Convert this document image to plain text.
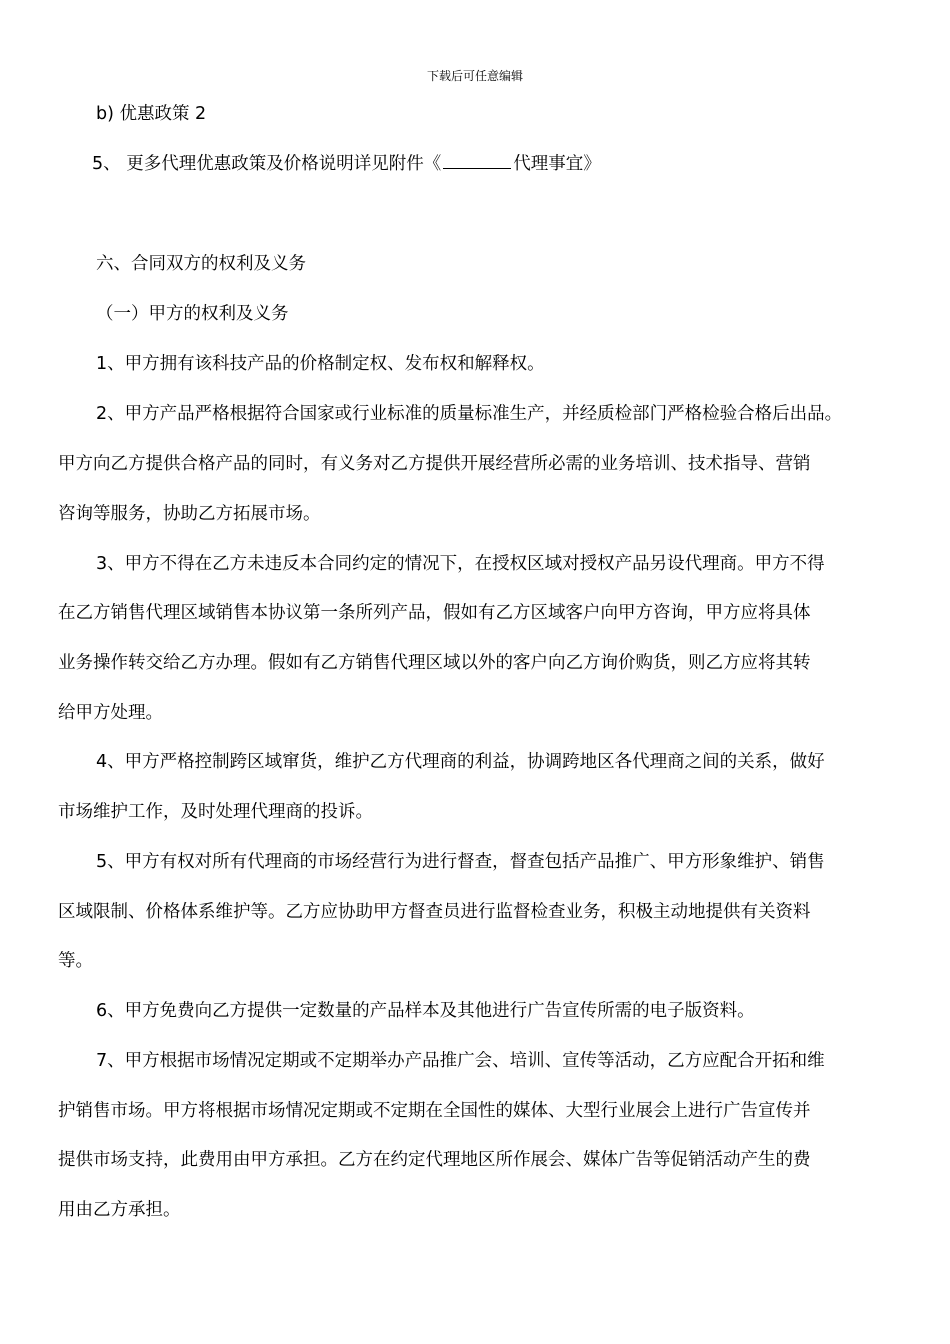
下载后可任意编辑
b) 优惠政策 2
5、 更多代理优惠政策及价格说明详见附件《	代理事宜》
六、合同双方的权利及义务
（一）甲方的权利及义务
1、甲方拥有该科技产品的价格制定权、发布权和解释权。
2、甲方产品严格根据符合国家或行业标准的质量标准生产，并经质检部门严格检验合格后出品。
甲方向乙方提供合格产品的同时，有义务对乙方提供开展经营所必需的业务培训、技术指导、营销
咨询等服务，协助乙方拓展市场。
3、甲方不得在乙方未违反本合同约定的情况下，在授权区域对授权产品另设代理商。甲方不得
在乙方销售代理区域销售本协议第一条所列产品，假如有乙方区域客户向甲方咨询，甲方应将具体
业务操作转交给乙方办理。假如有乙方销售代理区域以外的客户向乙方询价购货，则乙方应将其转
给甲方处理。
4、甲方严格控制跨区域窜货，维护乙方代理商的利益，协调跨地区各代理商之间的关系，做好
市场维护工作，及时处理代理商的投诉。
5、甲方有权对所有代理商的市场经营行为进行督查，督查包括产品推广、甲方形象维护、销售
区域限制、价格体系维护等。乙方应协助甲方督查员进行监督检查业务，积极主动地提供有关资料
等。
6、甲方免费向乙方提供一定数量的产品样本及其他进行广告宣传所需的电子版资料。
7、甲方根据市场情况定期或不定期举办产品推广会、培训、宣传等活动，乙方应配合开拓和维
护销售市场。甲方将根据市场情况定期或不定期在全国性的媒体、大型行业展会上进行广告宣传并
提供市场支持，此费用由甲方承担。乙方在约定代理地区所作展会、媒体广告等促销活动产生的费
用由乙方承担。
